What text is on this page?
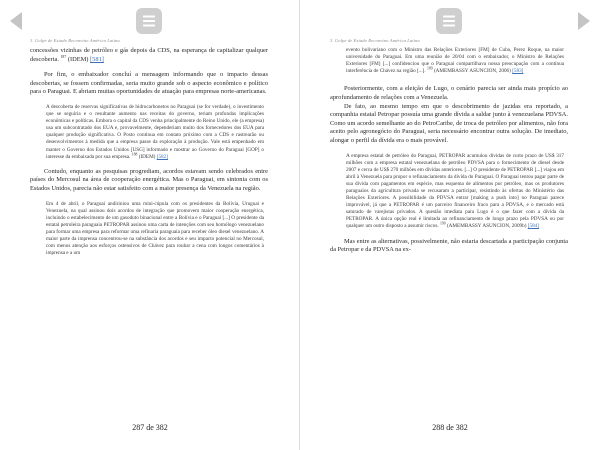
3. Golpe de Estado Reconvino América Latina

concessões vizinhas de petróleo e gás depois da CDS, na esperança de capitalizar qualquer descoberta. $^{187}$ (IDEM) [581]

Por fim, o embaixador concluí a mensagem informando que o impacto dessas descobertas, se fossem confirmadas, seria muito grande sob o aspecto econômico e político para o Paraguai. E abriam muitas oportunidades de atuação para empresas norte-americanas.

A descoberta de reservas significativas de hidrocarbonetos no Paraguai (se for verdade), o investimento que se seguiria e o resultante aumento nas receitas do governo, teriam profundas implicações econômicas e políticas. Embora o capital da CDS venha principalmente do Reino Unido, ele (a empresa) usa um subcontratado dos EUA e, provavelmente, dependeriam muito dos fornecedores dos EUA para qualquer produção significativa. O Posto continua em contato próximo com a CDS e rastrearão ou desenvolvimentos à medida que a empresa passe da exploração à produção. Vale está empenhado em manter o Governo dos Estados Unidos [USG] informado e mostrar ao Governo do Paraguai [GOP] o interesse da embaixada por sua empresa. $^{188}$ (IDEM) [582]

Contudo, enquanto as pesquisas progrediam, acordos estavam sendo celebrados entre países do Mercosul na área de cooperação energética. Mas o Paraguai, em sintonia com os Estados Unidos, parecia não estar satisfeito com a maior presença da Venezuela na região.

Em 4 de abril, o Paraguai andiriniou uma mini-cúpula com os presidentes da Bolívia, Uruguai e Venezuela, na qual assinou dois acordos de integração que promovem maior cooperação energética, incluindo o estabelecimento de um gasoduto binacional entre a Bolívia e o Paraguai [...] O presidente da estatal petroleira paraguaia PETROPAR assinou uma carta de intenções com seu homólogo venezuelano para formar uma empresa para reformar uma refinaria paraguaia para receber óleo diesel venezuelano. A maior parte da imprensa concentrou-se na substância dos acordos e seu impacto potencial no Mercosul, com menos atenção aos esforços ostensivos de Chávez para roubar a cena com longos comentários à imprensa e a um

287 de 382
3. Golpe de Estado Reconvino América Latina

evento bolivariano com o Ministro das Relações Exteriores [FM] de Cuba, Perez Roque, na maior universidade do Paraguai. Em uma reunião de 20/04 com o embaixador, o Ministro de Relações Exteriores [FM] [...] confidenciou que o Paraguai compartilhava nossa preocupação com a contínua interferência de Chávez na região [...]. $^{189}$ (AMEMBASSY ASUNCION, 2006) [583]

Posteriormente, com a eleição de Lugo, o cenário parecia ser ainda mais propício ao aprofundamento de relações com a Venezuela.

De fato, ao mesmo tempo em que o descobrimento de jazidas era reportado, a companhia estatal Petropar possuía uma grande dívida a saldar junto à venezuelana PDVSA. Como um acordo semelhante ao do PetroCaribe, de troca de petróleo por alimentos, não fora aceito pelo agronegócio do Paraguai, seria necessário encontrar outra solução. De imediato, alongar o perfil da dívida era o mais provável.

A empresa estatal de petróleo do Paraguai, PETROPAR acumulou dívidas de curto prazo de US$ 317 milhões com a empresa estatal venezuelana de petróleo PDVSA para o fornecimento de diesel desde 2007 e cerca de US$ 270 milhões em dívidas anteriores. [...] O presidente de PETROPAR [...] viajou em abril à Venezuela para propor o refinanciamento da dívida do Paraguai. O Paraguai tentou pagar parte de sua dívida com pagamentos em espécie, mas esquema de alimentos por petróleo, mas os produtores paraguaios da agricultura privada se recusaram a participar, resistindo às ofertas do Ministério das Relações Exteriores. A possibilidade da PDVSA entrar [making a push into] no Paraguai parece improvável, já que a PETROPAR é um parceiro financeiro fraco para a PDVSA, e o mercado está saturado de varejistas privados. A questão imediata para Lugo é o que fazer com a dívida da PETROPAR. A única opção real é limitada ao refinanciamento de longo prazo pela PDVSA ou por qualquer um outro disposto a assumir riscos. $^{190}$ (AMEMBASSY ASUNCION, 2009b) [584]

Mas entre as alternativas, possivelmente, não estaria descartada a participação conjunta da Petropar e da PDVSA na ex-

288 de 382
